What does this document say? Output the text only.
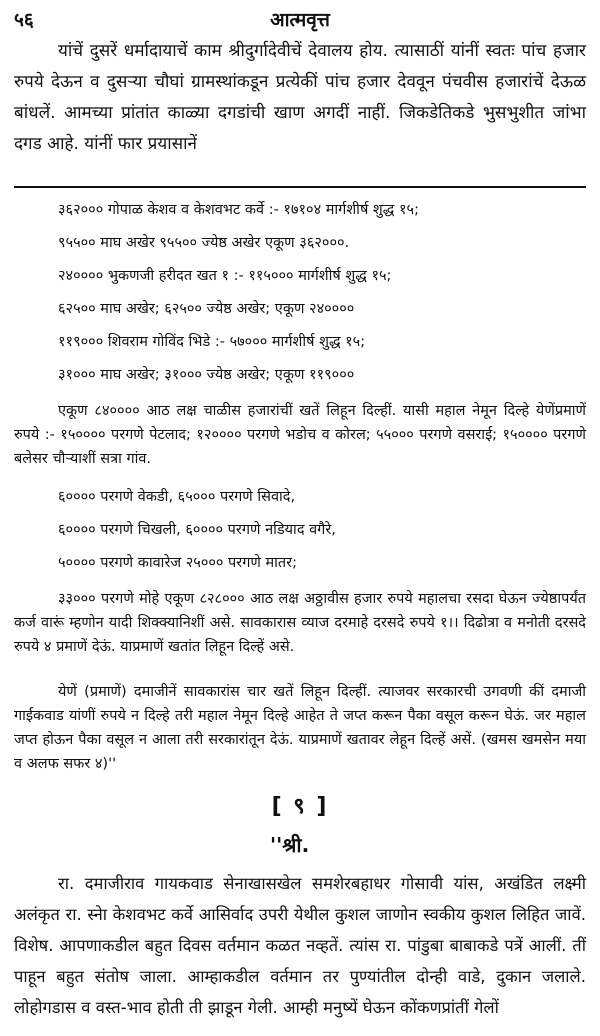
५६	आत्मवृत्त

यांचें दुसरें धर्मादायाचें काम श्रीदुर्गादेवीचें देवालय होय. त्यासाठीं यांनीं स्वतः पांच हजार रुपये देऊन व दुसऱ्या चौघां ग्रामस्थांकडून प्रत्येकीं पांच हजार देववून पंचवीस हजारांचें देऊळ बांधलें. आमच्या प्रांतांत काळ्या दगडांची खाण अगदीं नाहीं. जिकडेतिकडे भुसभुशीत जांभा दगड आहे. यांनीं फार प्रयासानें

३६२००० गोपाळ केशव व केशवभट कर्वे :- १७१०४ मार्गशीर्ष शुद्ध १५;

९५५०० माघ अखेर ९५५०० ज्येष्ठ अखेर एकूण ३६२०००.

२४०००० भुकणजी हरीदत खत १ :- ११५००० मार्गशीर्ष शुद्ध १५;

६२५०० माघ अखेर; ६२५०० ज्येष्ठ अखेर; एकूण २४००००

११९००० शिवराम गोविंद भिडे :- ५७००० मार्गशीर्ष शुद्ध १५;

३१००० माघ अखेर; ३१००० ज्येष्ठ अखेर; एकूण ११९०००

एकूण ८४०००० आठ लक्ष चाळीस हजारांचीं खतें लिहून दिल्हीं. यासी महाल नेमून दिल्हे येणेंप्रमाणें रुपये :- १५०००० परगणे पेटलाद; १२०००० परगणे भडोच व कोरल; ५५००० परगणे वसराई; १५०००० परगणे बलेसर चौऱ्याशीं सत्रा गांव.

६०००० परगणे वेकडी, ६५००० परगणे सिवादे,

६०००० परगणे चिखली, ६०००० परगणे नडियाद वगैरे,

५०००० परगणे कावारेज २५००० परगणे मातर;

३३००० परगणे मोहे एकूण ८२८००० आठ लक्ष अठ्ठावीस हजार रुपये महालचा रसदा घेऊन ज्येष्ठापर्यंत कर्ज वारूं म्हणोन यादी शिक्क्यानिशीं असे. सावकारास व्याज दरमाहे दरसदे रुपये १।। दिढोत्रा व मनोती दरसदे रुपये ४ प्रमाणें देऊं. याप्रमाणें खतांत लिहून दिल्हें असे.

येणें (प्रमाणें) दमाजीनें सावकारांस चार खतें लिहून दिल्हीं. त्याजवर सरकारची उगवणी कीं दमाजी गाईकवाड यांणीं रुपये न दिल्हे तरी महाल नेमून दिल्हे आहेत ते जप्त करून पैका वसूल करून घेऊं. जर महाल जप्त होऊन पैका वसूल न आला तरी सरकारांतून देऊं. याप्रमाणें खतावर लेहून दिल्हें असें. (खमस खमसेन मया व अलफ सफर ४)''

[ ९ ]
''श्री.

रा. दमाजीराव गायकवाड सेनाखासखेल समशेरबहाधर गोसावी यांस, अखंडित लक्ष्मी अलंकृत रा. स्नेा केशवभट कर्वे आसिर्वाद उपरी येथील कुशल जाणोन स्वकीय कुशल लिहित जावें. विशेष. आपणाकडील बहुत दिवस वर्तमान कळत नव्हतें. त्यांस रा. पांडुबा बाबाकडे पत्रें आलीं. तीं पाहून बहुत संतोष जाला. आम्हाकडील वर्तमान तर पुण्यांतील दोन्ही वाडे, दुकान जलाले. लोहोगडास व वस्त-भाव होती ती झाडून गेली. आम्ही मनुष्यें घेऊन कोंकणप्रांतीं गेलों
